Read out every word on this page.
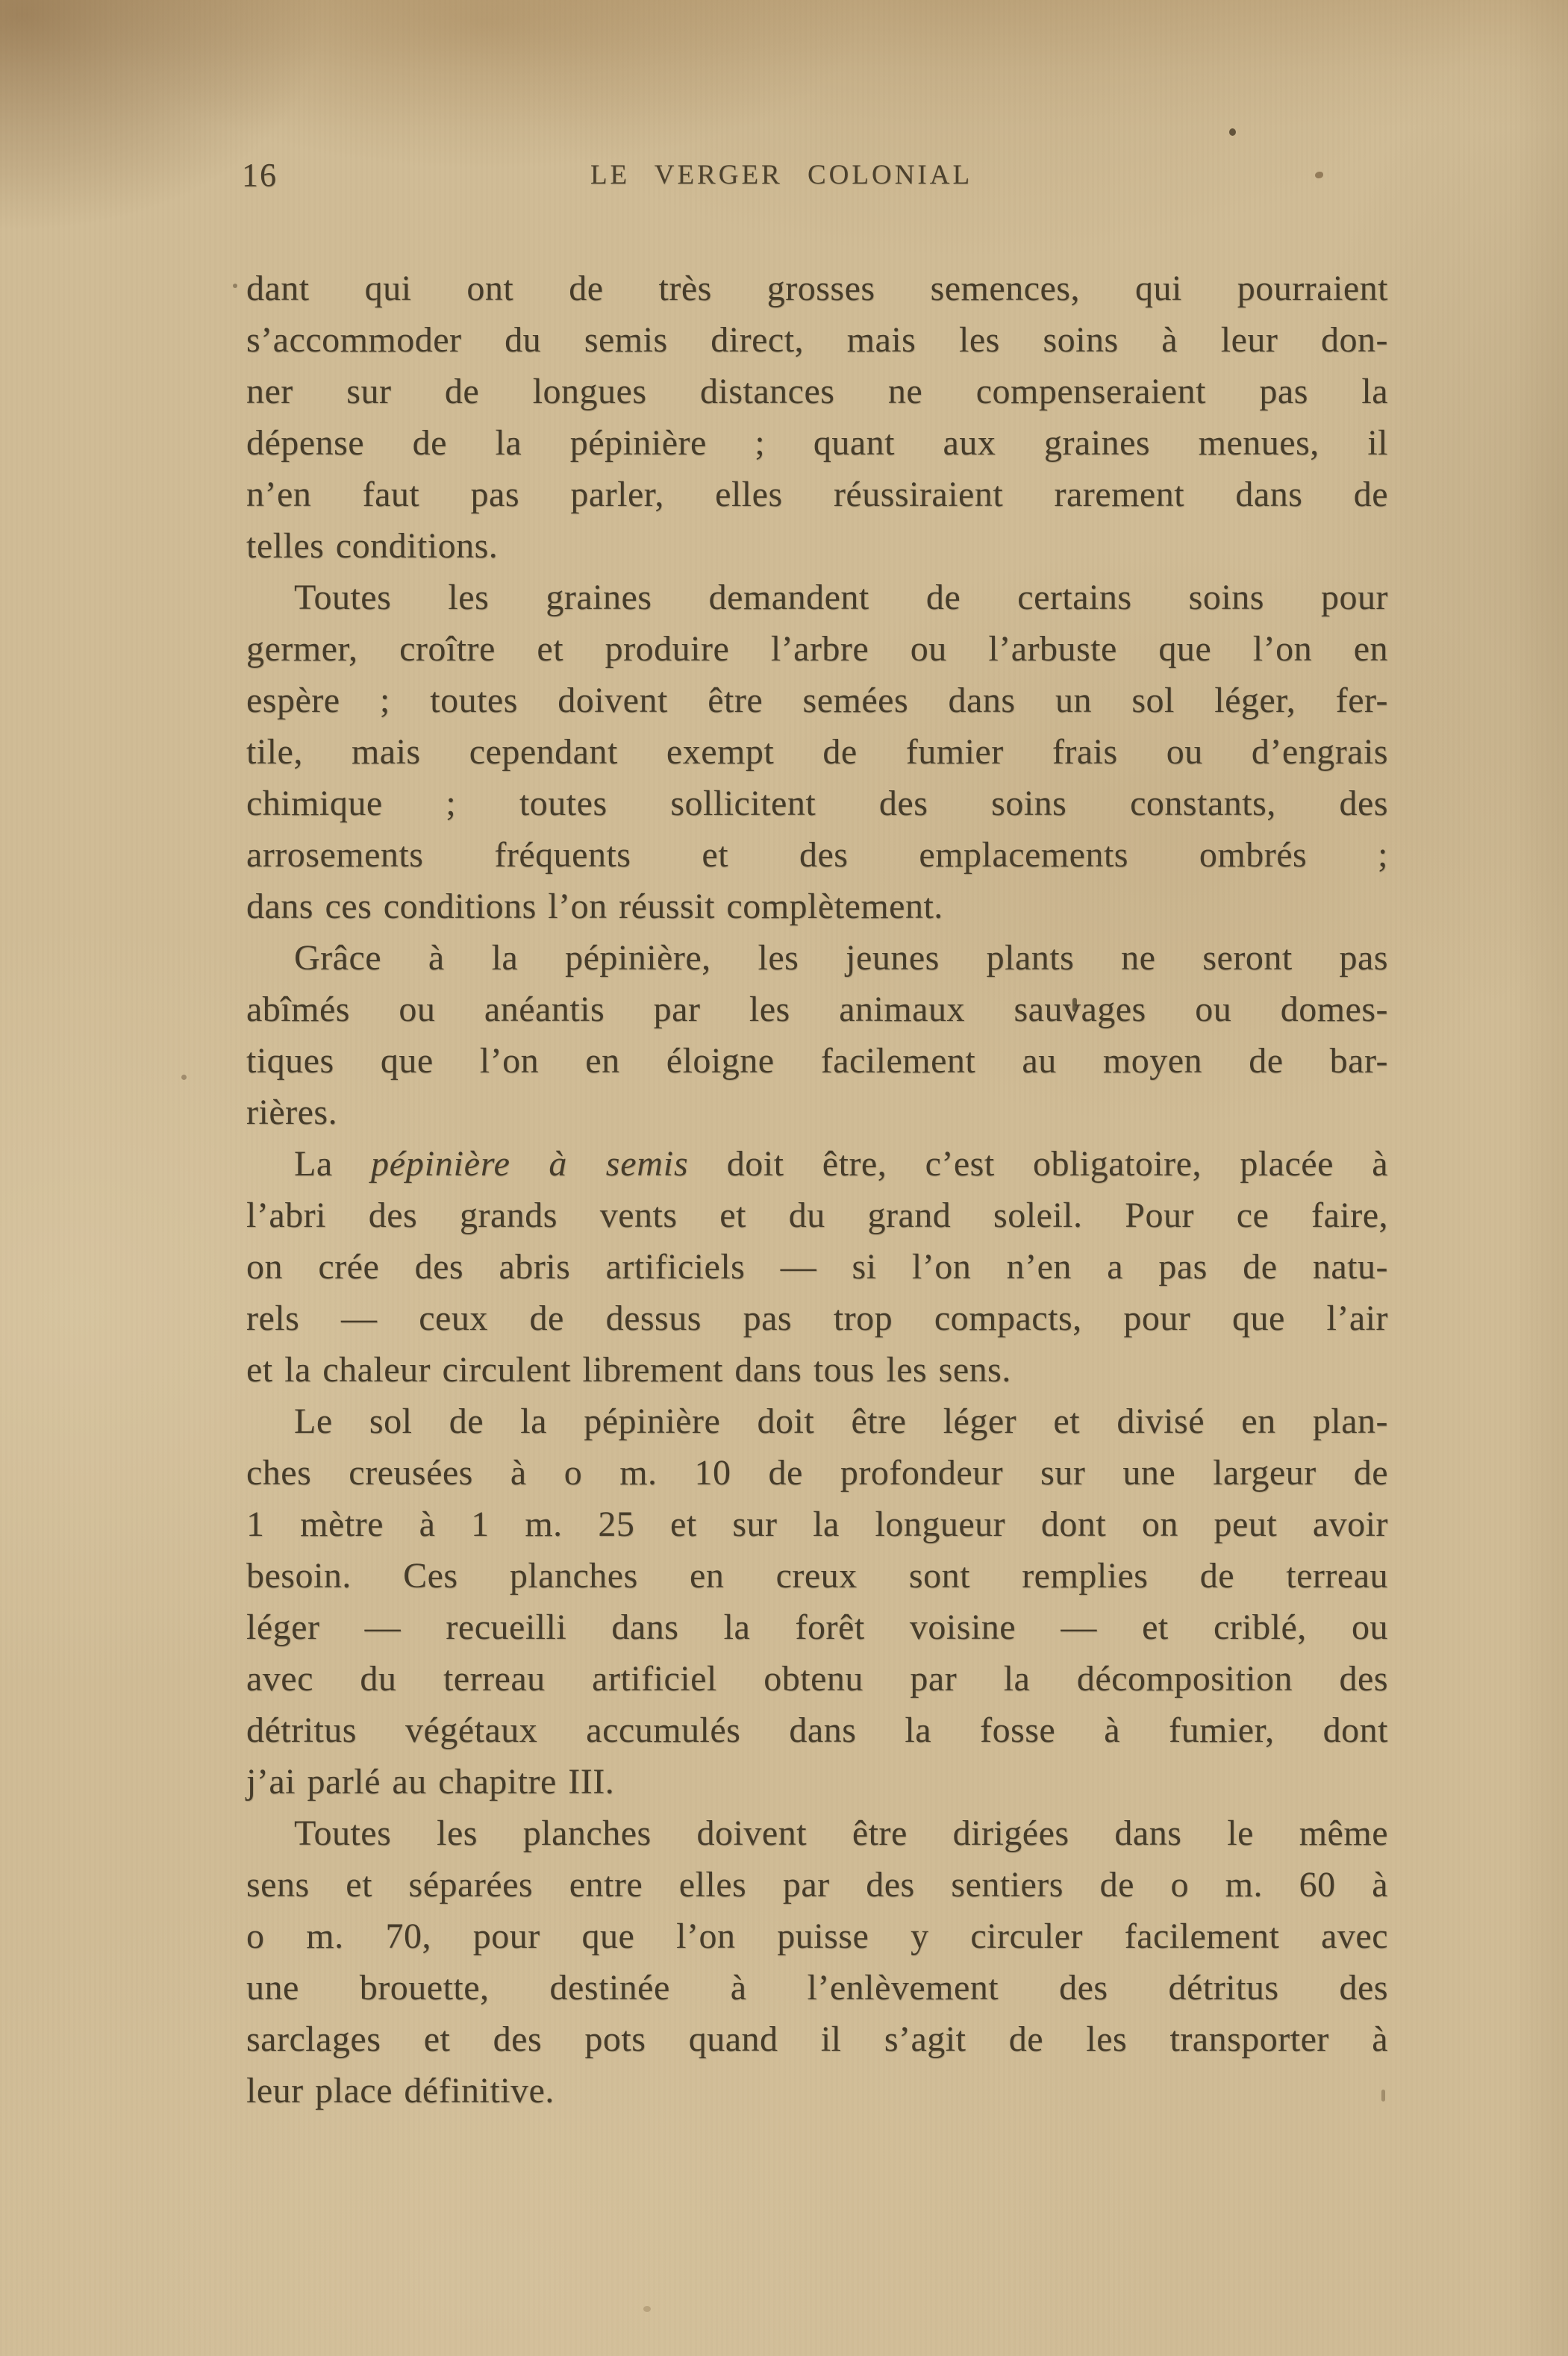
16	LE VERGER COLONIAL
dant qui ont de très grosses semences, qui pourraient
s’accommoder du semis direct, mais les soins à leur don-
ner sur de longues distances ne compenseraient pas la
dépense de la pépinière ; quant aux graines menues, il
n’en faut pas parler, elles réussiraient rarement dans de
telles conditions.
Toutes les graines demandent de certains soins pour
germer, croître et produire l’arbre ou l’arbuste que l’on en
espère ; toutes doivent être semées dans un sol léger, fer-
tile, mais cependant exempt de fumier frais ou d’engrais
chimique ; toutes sollicitent des soins constants, des
arrosements fréquents et des emplacements ombrés ;
dans ces conditions l’on réussit complètement.
Grâce à la pépinière, les jeunes plants ne seront pas
abîmés ou anéantis par les animaux sauvages ou domes-
tiques que l’on en éloigne facilement au moyen de bar-
rières.
La pépinière à semis doit être, c’est obligatoire, placée à
l’abri des grands vents et du grand soleil. Pour ce faire,
on crée des abris artificiels — si l’on n’en a pas de natu-
rels — ceux de dessus pas trop compacts, pour que l’air
et la chaleur circulent librement dans tous les sens.
Le sol de la pépinière doit être léger et divisé en plan-
ches creusées à o m. 10 de profondeur sur une largeur de
1 mètre à 1 m. 25 et sur la longueur dont on peut avoir
besoin. Ces planches en creux sont remplies de terreau
léger — recueilli dans la forêt voisine — et criblé, ou
avec du terreau artificiel obtenu par la décomposition des
détritus végétaux accumulés dans la fosse à fumier, dont
j’ai parlé au chapitre III.
Toutes les planches doivent être dirigées dans le même
sens et séparées entre elles par des sentiers de o m. 60 à
o m. 70, pour que l’on puisse y circuler facilement avec
une brouette, destinée à l’enlèvement des détritus des
sarclages et des pots quand il s’agit de les transporter à
leur place définitive.
